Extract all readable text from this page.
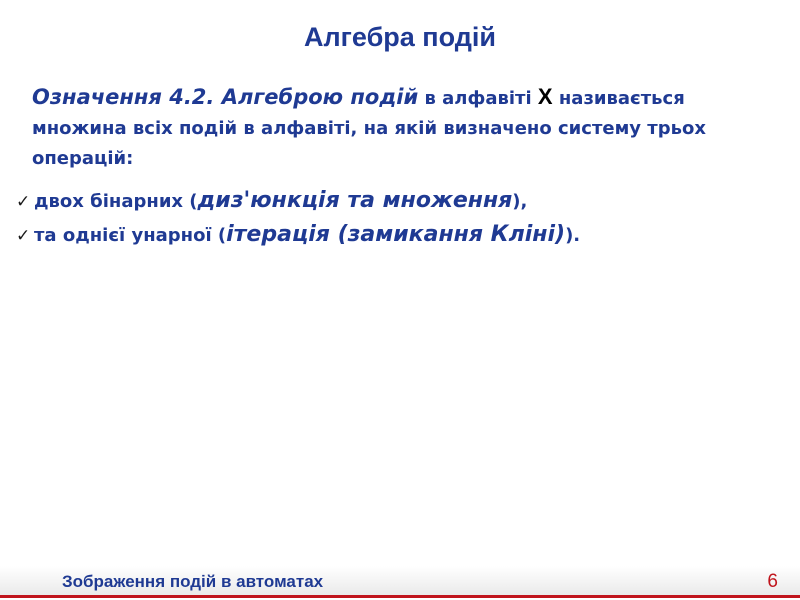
Алгебра подій

Означення 4.2. Алгеброю подій в алфавіті X називається множина всіх подій в алфавіті, на якій визначено систему трьох операцій:

✓ двох бінарних (диз'юнкція та множення),
✓ та однієї унарної (ітерація (замикання Кліні)).
Зображення подій в автоматах	6
